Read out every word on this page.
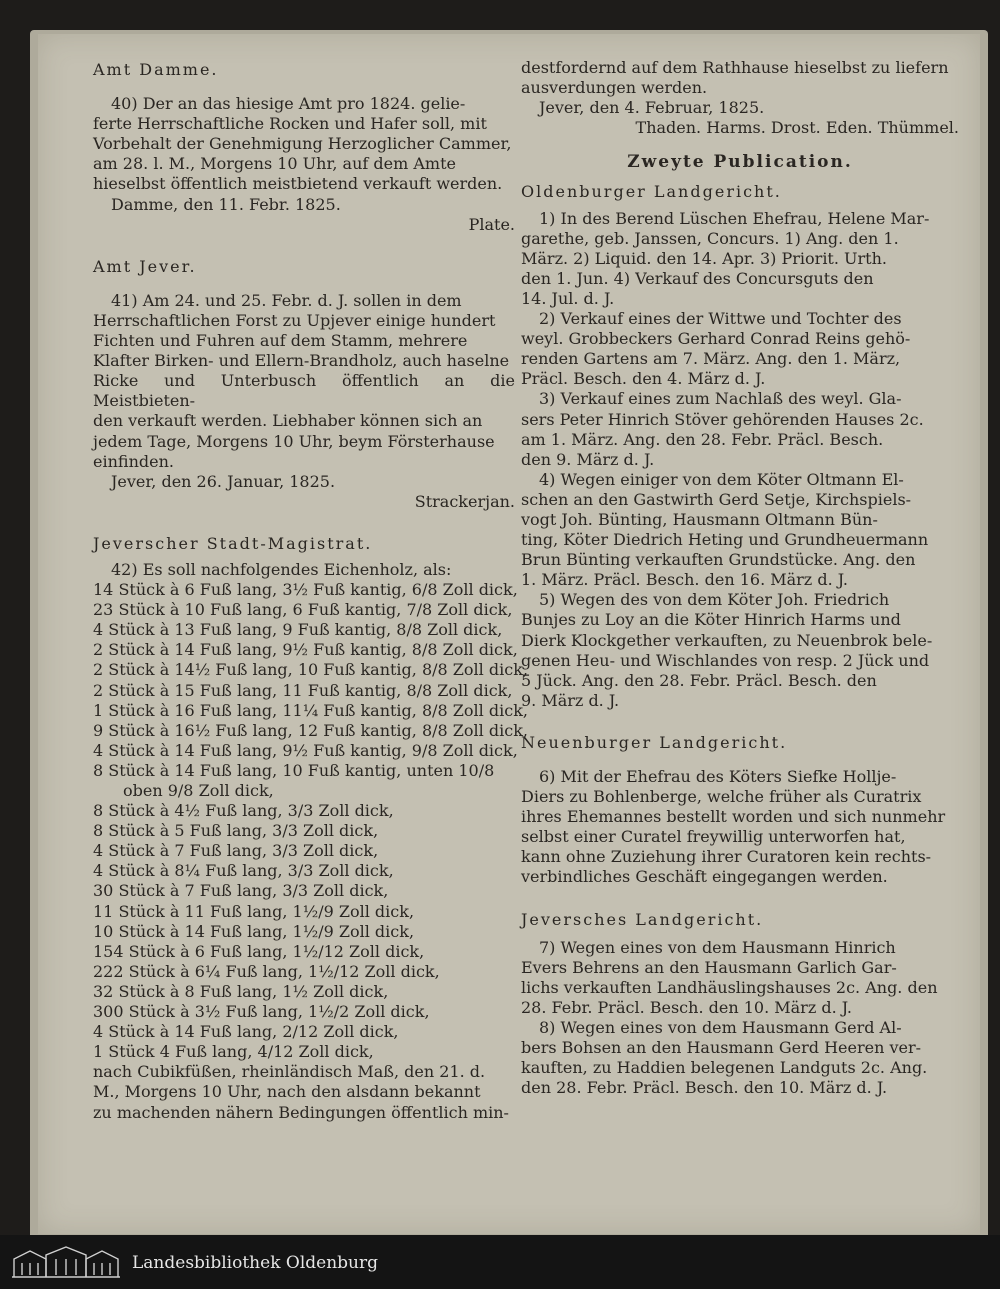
Amt Damme.

40) Der an das hiesige Amt pro 1824. gelie-

ferte Herrschaftliche Rocken und Hafer soll, mit

Vorbehalt der Genehmigung Herzoglicher Cammer,

am 28. l. M., Morgens 10 Uhr, auf dem Amte

hieselbst öffentlich meistbietend verkauft werden.

Damme, den 11. Febr. 1825.

Plate.

Amt Jever.

41) Am 24. und 25. Febr. d. J. sollen in dem

Herrschaftlichen Forst zu Upjever einige hundert

Fichten und Fuhren auf dem Stamm, mehrere

Klafter Birken- und Ellern-Brandholz, auch haselne

Ricke und Unterbusch öffentlich an die Meistbieten-

den verkauft werden. Liebhaber können sich an

jedem Tage, Morgens 10 Uhr, beym Försterhause

einfinden.

Jever, den 26. Januar, 1825.

Strackerjan.

Jeverscher Stadt-Magistrat.

42) Es soll nachfolgendes Eichenholz, als:

14 Stück à 6 Fuß lang, 3½ Fuß kantig, 6/8 Zoll dick,

23 Stück à 10 Fuß lang, 6 Fuß kantig, 7/8 Zoll dick,

4 Stück à 13 Fuß lang, 9 Fuß kantig, 8/8 Zoll dick,

2 Stück à 14 Fuß lang, 9½ Fuß kantig, 8/8 Zoll dick,

2 Stück à 14½ Fuß lang, 10 Fuß kantig, 8/8 Zoll dick,

2 Stück à 15 Fuß lang, 11 Fuß kantig, 8/8 Zoll dick,

1 Stück à 16 Fuß lang, 11¼ Fuß kantig, 8/8 Zoll dick,

9 Stück à 16½ Fuß lang, 12 Fuß kantig, 8/8 Zoll dick,

4 Stück à 14 Fuß lang, 9½ Fuß kantig, 9/8 Zoll dick,

8 Stück à 14 Fuß lang, 10 Fuß kantig, unten 10/8

oben 9/8 Zoll dick,

8 Stück à 4½ Fuß lang, 3/3 Zoll dick,

8 Stück à 5 Fuß lang, 3/3 Zoll dick,

4 Stück à 7 Fuß lang, 3/3 Zoll dick,

4 Stück à 8¼ Fuß lang, 3/3 Zoll dick,

30 Stück à 7 Fuß lang, 3/3 Zoll dick,

11 Stück à 11 Fuß lang, 1½/9 Zoll dick,

10 Stück à 14 Fuß lang, 1½/9 Zoll dick,

154 Stück à 6 Fuß lang, 1½/12 Zoll dick,

222 Stück à 6¼ Fuß lang, 1½/12 Zoll dick,

32 Stück à 8 Fuß lang, 1½ Zoll dick,

300 Stück à 3½ Fuß lang, 1½/2 Zoll dick,

4 Stück à 14 Fuß lang, 2/12 Zoll dick,

1 Stück 4 Fuß lang, 4/12 Zoll dick,

nach Cubikfüßen, rheinländisch Maß, den 21. d.

M., Morgens 10 Uhr, nach den alsdann bekannt

zu machenden nähern Bedingungen öffentlich min-

destfordernd auf dem Rathhause hieselbst zu liefern

ausverdungen werden.

Jever, den 4. Februar, 1825.

Thaden. Harms. Drost. Eden. Thümmel.

Zweyte Publication.

Oldenburger Landgericht.

1) In des Berend Lüschen Ehefrau, Helene Mar-

garethe, geb. Janssen, Concurs. 1) Ang. den 1.

März. 2) Liquid. den 14. Apr. 3) Priorit. Urth.

den 1. Jun. 4) Verkauf des Concursguts den

14. Jul. d. J.

2) Verkauf eines der Wittwe und Tochter des

weyl. Grobbeckers Gerhard Conrad Reins gehö-

renden Gartens am 7. März. Ang. den 1. März,

Präcl. Besch. den 4. März d. J.

3) Verkauf eines zum Nachlaß des weyl. Gla-

sers Peter Hinrich Stöver gehörenden Hauses 2c.

am 1. März. Ang. den 28. Febr. Präcl. Besch.

den 9. März d. J.

4) Wegen einiger von dem Köter Oltmann El-

schen an den Gastwirth Gerd Setje, Kirchspiels-

vogt Joh. Bünting, Hausmann Oltmann Bün-

ting, Köter Diedrich Heting und Grundheuermann

Brun Bünting verkauften Grundstücke. Ang. den

1. März. Präcl. Besch. den 16. März d. J.

5) Wegen des von dem Köter Joh. Friedrich

Bunjes zu Loy an die Köter Hinrich Harms und

Dierk Klockgether verkauften, zu Neuenbrok bele-

genen Heu- und Wischlandes von resp. 2 Jück und

5 Jück. Ang. den 28. Febr. Präcl. Besch. den

9. März d. J.

Neuenburger Landgericht.

6) Mit der Ehefrau des Köters Siefke Hollje-

Diers zu Bohlenberge, welche früher als Curatrix

ihres Ehemannes bestellt worden und sich nunmehr

selbst einer Curatel freywillig unterworfen hat,

kann ohne Zuziehung ihrer Curatoren kein rechts-

verbindliches Geschäft eingegangen werden.

Jeversches Landgericht.

7) Wegen eines von dem Hausmann Hinrich

Evers Behrens an den Hausmann Garlich Gar-

lichs verkauften Landhäuslingshauses 2c. Ang. den

28. Febr. Präcl. Besch. den 10. März d. J.

8) Wegen eines von dem Hausmann Gerd Al-

bers Bohsen an den Hausmann Gerd Heeren ver-

kauften, zu Haddien belegenen Landguts 2c. Ang.

den 28. Febr. Präcl. Besch. den 10. März d. J.

Landesbibliothek Oldenburg
